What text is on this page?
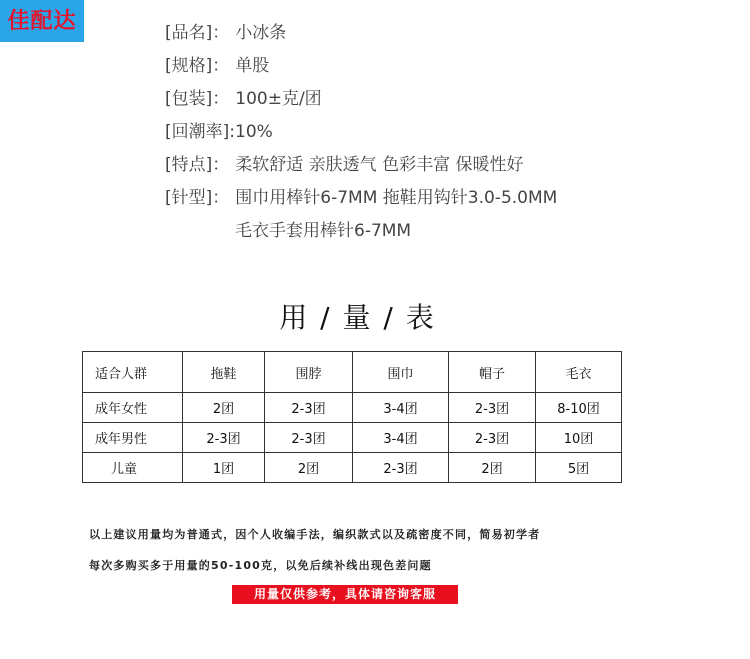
佳配达	[品名]： 小冰条
[规格]： 单股
[包装]： 100±克/团
[回潮率]:10%
[特点]： 柔软舒适 亲肤透气 色彩丰富 保暖性好
[针型]： 围巾用棒针6-7MM 拖鞋用钩针3.0-5.0MM
毛衣手套用棒针6-7MM
用 / 量 / 表
适合人群	拖鞋	围脖	围巾	帽子	毛衣
成年女性	2团	2-3团	3-4团	2-3团	8-10团
成年男性	2-3团	2-3团	3-4团	2-3团	10团
儿童	1团	2团	2-3团	2团	5团
以上建议用量均为普通式，因个人收编手法，编织款式以及疏密度不同，简易初学者
每次多购买多于用量的50-100克，以免后续补线出现色差问题
用量仅供参考，具体请咨询客服
